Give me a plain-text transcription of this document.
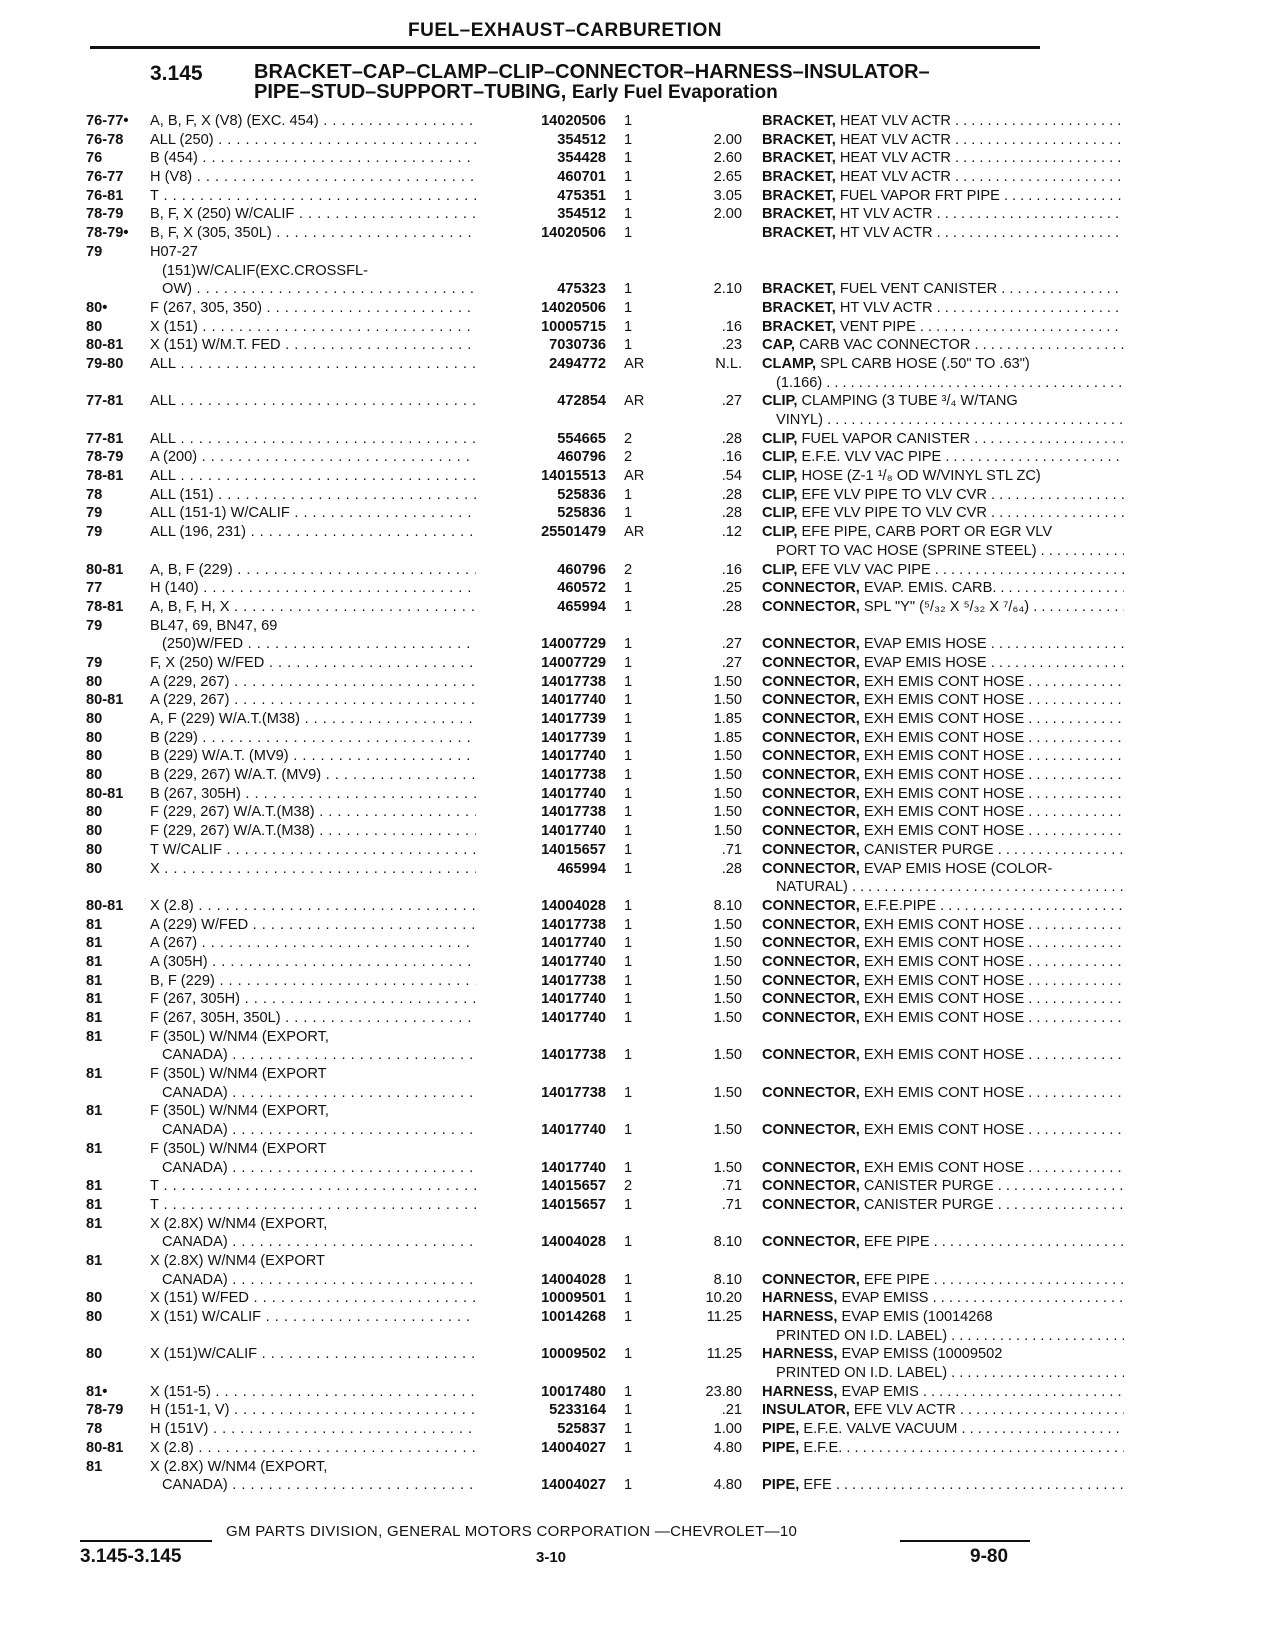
FUEL–EXHAUST–CARBURETION
3.145	BRACKET–CAP–CLAMP–CLIP–CONNECTOR–HARNESS–INSULATOR–
PIPE–STUD–SUPPORT–TUBING, Early Fuel Evaporation
76-77• A, B, F, X (V8) (EXC. 454) . . .	14020506 1	BRACKET, HEAT VLV ACTR . . .
76-78 ALL (250) . . .	354512 1	2.00 BRACKET, HEAT VLV ACTR . . .
76	B (454) . . .	354428 1	2.60 BRACKET, HEAT VLV ACTR . . .
76-77 H (V8) . . .	460701 1	2.65 BRACKET, HEAT VLV ACTR . . .
76-81 T . . .	475351 1	3.05 BRACKET, FUEL VAPOR FRT PIPE . . .
78-79 B, F, X (250) W/CALIF . . .	354512 1	2.00 BRACKET, HT VLV ACTR . . .
78-79• B, F, X (305, 350L) . . .	14020506 1	BRACKET, HT VLV ACTR . . .
79	H07-27
(151)W/CALIF(EXC.CROSSFL-
OW) . . .	475323 1	2.10 BRACKET, FUEL VENT CANISTER . . .
80•	F (267, 305, 350) . . .	14020506 1	BRACKET, HT VLV ACTR . . .
80	X (151) . . .	10005715 1	.16 BRACKET, VENT PIPE . . .
80-81 X (151) W/M.T. FED . . .	7030736 1	.23 CAP, CARB VAC CONNECTOR . . .
79-80 ALL . . .	2494772 AR	N.L. CLAMP, SPL CARB HOSE (.50" TO .63")
(1.166) . . .
77-81 ALL . . .	472854 AR	.27 CLIP, CLAMPING (3 TUBE ³/₄ W/TANG
VINYL) . . .
77-81 ALL . . .	554665 2	.28 CLIP, FUEL VAPOR CANISTER . . .
78-79 A (200) . . .	460796 2	.16 CLIP, E.F.E. VLV VAC PIPE . . .
78-81 ALL . . .	14015513 AR	.54 CLIP, HOSE (Z-1 ¹/₈ OD W/VINYL STL ZC)
78	ALL (151) . . .	525836 1	.28 CLIP, EFE VLV PIPE TO VLV CVR . . .
79	ALL (151-1) W/CALIF . . .	525836 1	.28 CLIP, EFE VLV PIPE TO VLV CVR . . .
79	ALL (196, 231) . . .	25501479 AR	.12 CLIP, EFE PIPE, CARB PORT OR EGR VLV
PORT TO VAC HOSE (SPRINE STEEL) . . .
80-81 A, B, F (229) . . .	460796 2	.16 CLIP, EFE VLV VAC PIPE . . .
77	H (140) . . .	460572 1	.25 CONNECTOR, EVAP. EMIS. CARB. . . .
78-81 A, B, F, H, X . . .	465994 1	.28 CONNECTOR, SPL "Y" (⁵/₃₂ X ⁵/₃₂ X ⁷/₆₄) . . .
79	BL47, 69, BN47, 69
(250)W/FED . . .	14007729 1	.27 CONNECTOR, EVAP EMIS HOSE . . .
79	F, X (250) W/FED . . .	14007729 1	.27 CONNECTOR, EVAP EMIS HOSE . . .
80	A (229, 267) . . .	14017738 1	1.50 CONNECTOR, EXH EMIS CONT HOSE . . .
80-81 A (229, 267) . . .	14017740 1	1.50 CONNECTOR, EXH EMIS CONT HOSE . . .
80	A, F (229) W/A.T.(M38) . . .	14017739 1	1.85 CONNECTOR, EXH EMIS CONT HOSE . . .
80	B (229) . . .	14017739 1	1.85 CONNECTOR, EXH EMIS CONT HOSE . . .
80	B (229) W/A.T. (MV9) . . .	14017740 1	1.50 CONNECTOR, EXH EMIS CONT HOSE . . .
80	B (229, 267) W/A.T. (MV9) . . .	14017738 1	1.50 CONNECTOR, EXH EMIS CONT HOSE . . .
80-81 B (267, 305H) . . .	14017740 1	1.50 CONNECTOR, EXH EMIS CONT HOSE . . .
80	F (229, 267) W/A.T.(M38) . . .	14017738 1	1.50 CONNECTOR, EXH EMIS CONT HOSE . . .
80	F (229, 267) W/A.T.(M38) . . .	14017740 1	1.50 CONNECTOR, EXH EMIS CONT HOSE . . .
80	T W/CALIF . . .	14015657 1	.71 CONNECTOR, CANISTER PURGE . . .
80	X . . .	465994 1	.28 CONNECTOR, EVAP EMIS HOSE (COLOR-
NATURAL) . . .
80-81 X (2.8) . . .	14004028 1	8.10 CONNECTOR, E.F.E.PIPE . . .
81	A (229) W/FED . . .	14017738 1	1.50 CONNECTOR, EXH EMIS CONT HOSE . . .
81	A (267) . . .	14017740 1	1.50 CONNECTOR, EXH EMIS CONT HOSE . . .
81	A (305H) . . .	14017740 1	1.50 CONNECTOR, EXH EMIS CONT HOSE . . .
81	B, F (229) . . .	14017738 1	1.50 CONNECTOR, EXH EMIS CONT HOSE . . .
81	F (267, 305H) . . .	14017740 1	1.50 CONNECTOR, EXH EMIS CONT HOSE . . .
81	F (267, 305H, 350L) . . .	14017740 1	1.50 CONNECTOR, EXH EMIS CONT HOSE . . .
81	F (350L) W/NM4 (EXPORT,
CANADA) . . .	14017738 1	1.50 CONNECTOR, EXH EMIS CONT HOSE . . .
81	F (350L) W/NM4 (EXPORT
CANADA) . . .	14017738 1	1.50 CONNECTOR, EXH EMIS CONT HOSE . . .
81	F (350L) W/NM4 (EXPORT,
CANADA) . . .	14017740 1	1.50 CONNECTOR, EXH EMIS CONT HOSE . . .
81	F (350L) W/NM4 (EXPORT
CANADA) . . .	14017740 1	1.50 CONNECTOR, EXH EMIS CONT HOSE . . .
81	T . . .	14015657 2	.71 CONNECTOR, CANISTER PURGE . . .
81	T . . .	14015657 1	.71 CONNECTOR, CANISTER PURGE . . .
81	X (2.8X) W/NM4 (EXPORT,
CANADA) . . .	14004028 1	8.10 CONNECTOR, EFE PIPE . . .
81	X (2.8X) W/NM4 (EXPORT
CANADA) . . .	14004028 1	8.10 CONNECTOR, EFE PIPE . . .
80	X (151) W/FED . . .	10009501 1	10.20 HARNESS, EVAP EMISS . . .
80	X (151) W/CALIF . . .	10014268 1	11.25 HARNESS, EVAP EMIS (10014268
PRINTED ON I.D. LABEL) . . .
80	X (151)W/CALIF . . .	10009502 1	11.25 HARNESS, EVAP EMISS (10009502
PRINTED ON I.D. LABEL) . . .
81•	X (151-5) . . .	10017480 1	23.80 HARNESS, EVAP EMIS . . .
78-79 H (151-1, V) . . .	5233164 1	.21 INSULATOR, EFE VLV ACTR . . .
78	H (151V) . . .	525837 1	1.00 PIPE, E.F.E. VALVE VACUUM . . .
80-81 X (2.8) . . .	14004027 1	4.80 PIPE, E.F.E. . . .
81	X (2.8X) W/NM4 (EXPORT,
CANADA) . . .	14004027 1	4.80 PIPE, EFE . . .
GM PARTS DIVISION, GENERAL MOTORS CORPORATION —CHEVROLET—10
3.145-3.145	3-10	9-80
